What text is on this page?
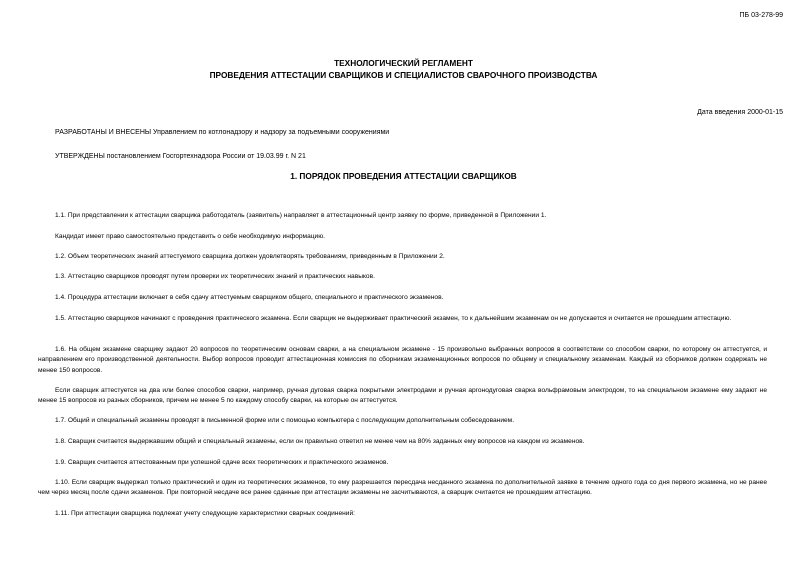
ПБ 03-278-99
ТЕХНОЛОГИЧЕСКИЙ РЕГЛАМЕНТ
ПРОВЕДЕНИЯ АТТЕСТАЦИИ СВАРЩИКОВ И СПЕЦИАЛИСТОВ СВАРОЧНОГО ПРОИЗВОДСТВА
Дата введения 2000-01-15
РАЗРАБОТАНЫ И ВНЕСЕНЫ Управлением по котлонадзору и надзору за подъемными сооружениями
УТВЕРЖДЕНЫ постановлением Госгортехнадзора России от 19.03.99 г. N 21
1. ПОРЯДОК ПРОВЕДЕНИЯ АТТЕСТАЦИИ СВАРЩИКОВ

1.1. При представлении к аттестации сварщика работодатель (заявитель) направляет в аттестационный центр заявку по форме, приведенной в Приложении 1.

Кандидат имеет право самостоятельно представить о себе необходимую информацию.

1.2. Объем теоретических знаний аттестуемого сварщика должен удовлетворять требованиям, приведенным в Приложении 2.

1.3. Аттестацию сварщиков проводят путем проверки их теоретических знаний и практических навыков.

1.4. Процедура аттестации включает в себя сдачу аттестуемым сварщиком общего, специального и практического экзаменов.

1.5. Аттестацию сварщиков начинают с проведения практического экзамена. Если сварщик не выдерживает практический экзамен, то к дальнейшим экзаменам он не допускается и считается не прошедшим аттестацию.

1.6. На общем экзамене сварщику задают 20 вопросов по теоретическим основам сварки, а на специальном экзамене - 15 произвольно выбранных вопросов в соответствии со способом сварки, по которому он аттестуется, и направлением его производственной деятельности. Выбор вопросов проводит аттестационная комиссия по сборникам экзаменационных вопросов по общему и специальному экзаменам. Каждый из сборников должен содержать не менее 150 вопросов.

Если сварщик аттестуется на два или более способов сварки, например, ручная дуговая сварка покрытыми электродами и ручная аргонодуговая сварка вольфрамовым электродом, то на специальном экзамене ему задают не менее 15 вопросов из разных сборников, причем не менее 5 по каждому способу сварки, на которые он аттестуется.

1.7. Общий и специальный экзамены проводят в письменной форме или с помощью компьютера с последующим дополнительным собеседованием.

1.8. Сварщик считается выдержавшим общий и специальный экзамены, если он правильно ответил не менее чем на 80% заданных ему вопросов на каждом из экзаменов.

1.9. Сварщик считается аттестованным при успешной сдаче всех теоретических и практического экзаменов.

1.10. Если сварщик выдержал только практический и один из теоретических экзаменов, то ему разрешается пересдача несданного экзамена по дополнительной заявке в течение одного года со дня первого экзамена, но не ранее чем через месяц после сдачи экзаменов. При повторной несдаче все ранее сданные при аттестации экзамены не засчитываются, а сварщик считается не прошедшим аттестацию.

1.11. При аттестации сварщика подлежат учету следующие характеристики сварных соединений:
